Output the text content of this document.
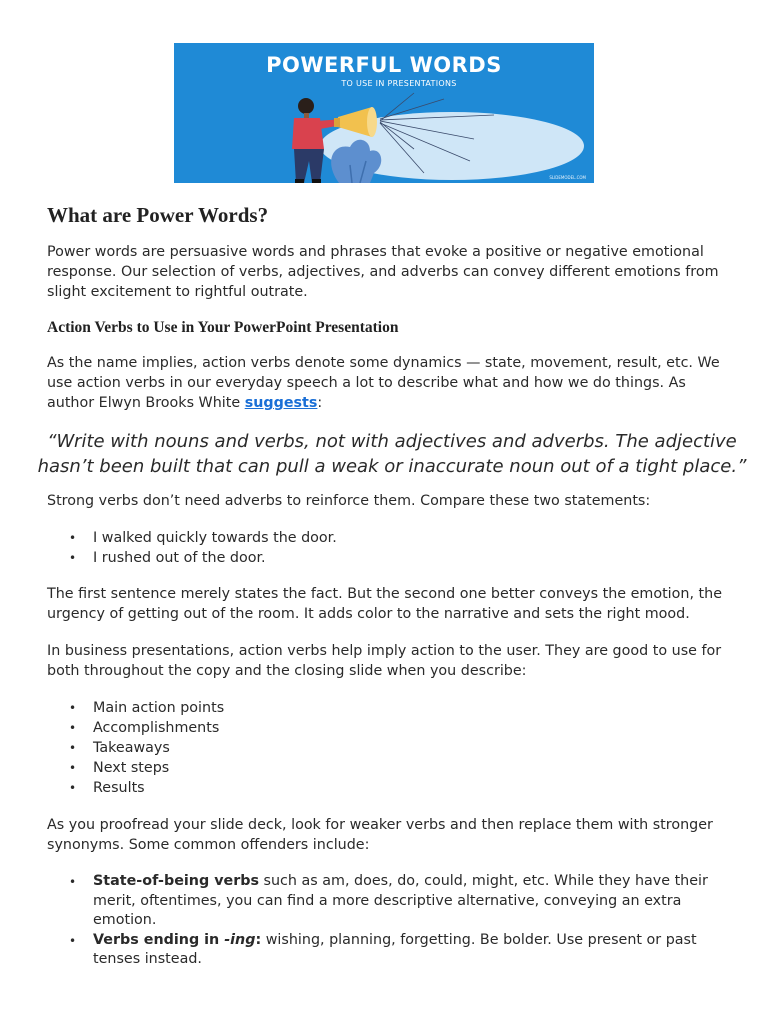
POWERFUL WORDS
TO USE IN PRESENTATIONS
SLIDEMODEL.COM
What are Power Words?

Power words are persuasive words and phrases that evoke a positive or negative emotional response. Our selection of verbs, adjectives, and adverbs can convey different emotions from slight excitement to rightful outrate.

Action Verbs to Use in Your PowerPoint Presentation

As the name implies, action verbs denote some dynamics — state, movement, result, etc. We use action verbs in our everyday speech a lot to describe what and how we do things. As author Elwyn Brooks White suggests:

“Write with nouns and verbs, not with adjectives and adverbs. The adjective hasn’t been built that can pull a weak or inaccurate noun out of a tight place.”

Strong verbs don’t need adverbs to reinforce them. Compare these two statements:

• I walked quickly towards the door.
• I rushed out of the door.

The first sentence merely states the fact. But the second one better conveys the emotion, the urgency of getting out of the room. It adds color to the narrative and sets the right mood.

In business presentations, action verbs help imply action to the user. They are good to use for both throughout the copy and the closing slide when you describe:

• Main action points
• Accomplishments
• Takeaways
• Next steps
• Results

As you proofread your slide deck, look for weaker verbs and then replace them with stronger synonyms. Some common offenders include:

• State-of-being verbs such as am, does, do, could, might, etc. While they have their merit, oftentimes, you can find a more descriptive alternative, conveying an extra emotion.
• Verbs ending in -ing: wishing, planning, forgetting. Be bolder. Use present or past tenses instead.
